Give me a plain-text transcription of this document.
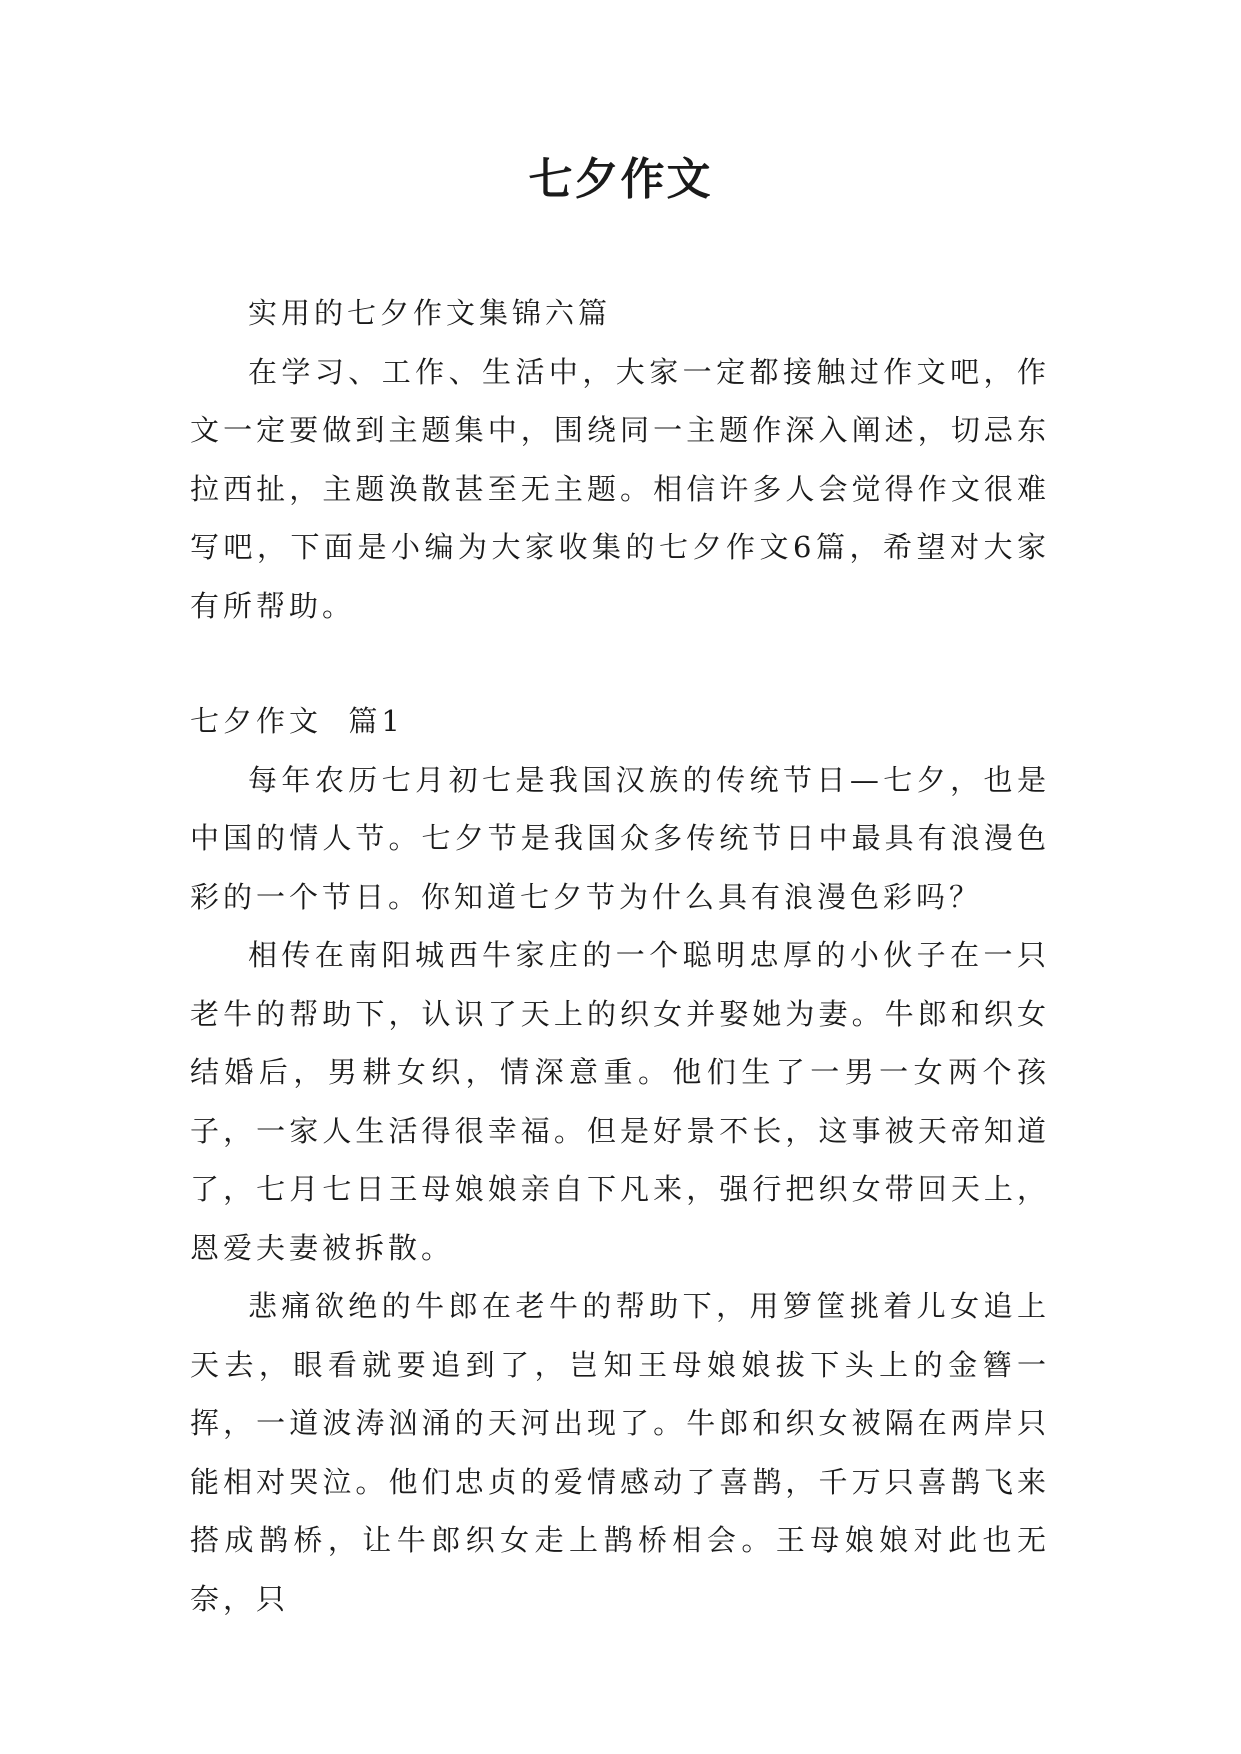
七夕作文

实用的七夕作文集锦六篇

在学习、工作、生活中，大家一定都接触过作文吧，作文一定要做到主题集中，围绕同一主题作深入阐述，切忌东拉西扯，主题涣散甚至无主题。相信许多人会觉得作文很难写吧，下面是小编为大家收集的七夕作文6篇，希望对大家有所帮助。

七夕作文  篇1

每年农历七月初七是我国汉族的传统节日—七夕，也是中国的情人节。七夕节是我国众多传统节日中最具有浪漫色彩的一个节日。你知道七夕节为什么具有浪漫色彩吗？

相传在南阳城西牛家庄的一个聪明忠厚的小伙子在一只老牛的帮助下，认识了天上的织女并娶她为妻。牛郎和织女结婚后，男耕女织，情深意重。他们生了一男一女两个孩子，一家人生活得很幸福。但是好景不长，这事被天帝知道了，七月七日王母娘娘亲自下凡来，强行把织女带回天上，恩爱夫妻被拆散。

悲痛欲绝的牛郎在老牛的帮助下，用箩筐挑着儿女追上天去，眼看就要追到了，岂知王母娘娘拔下头上的金簪一挥，一道波涛汹涌的天河出现了。牛郎和织女被隔在两岸只能相对哭泣。他们忠贞的爱情感动了喜鹊，千万只喜鹊飞来搭成鹊桥，让牛郎织女走上鹊桥相会。王母娘娘对此也无奈，只
